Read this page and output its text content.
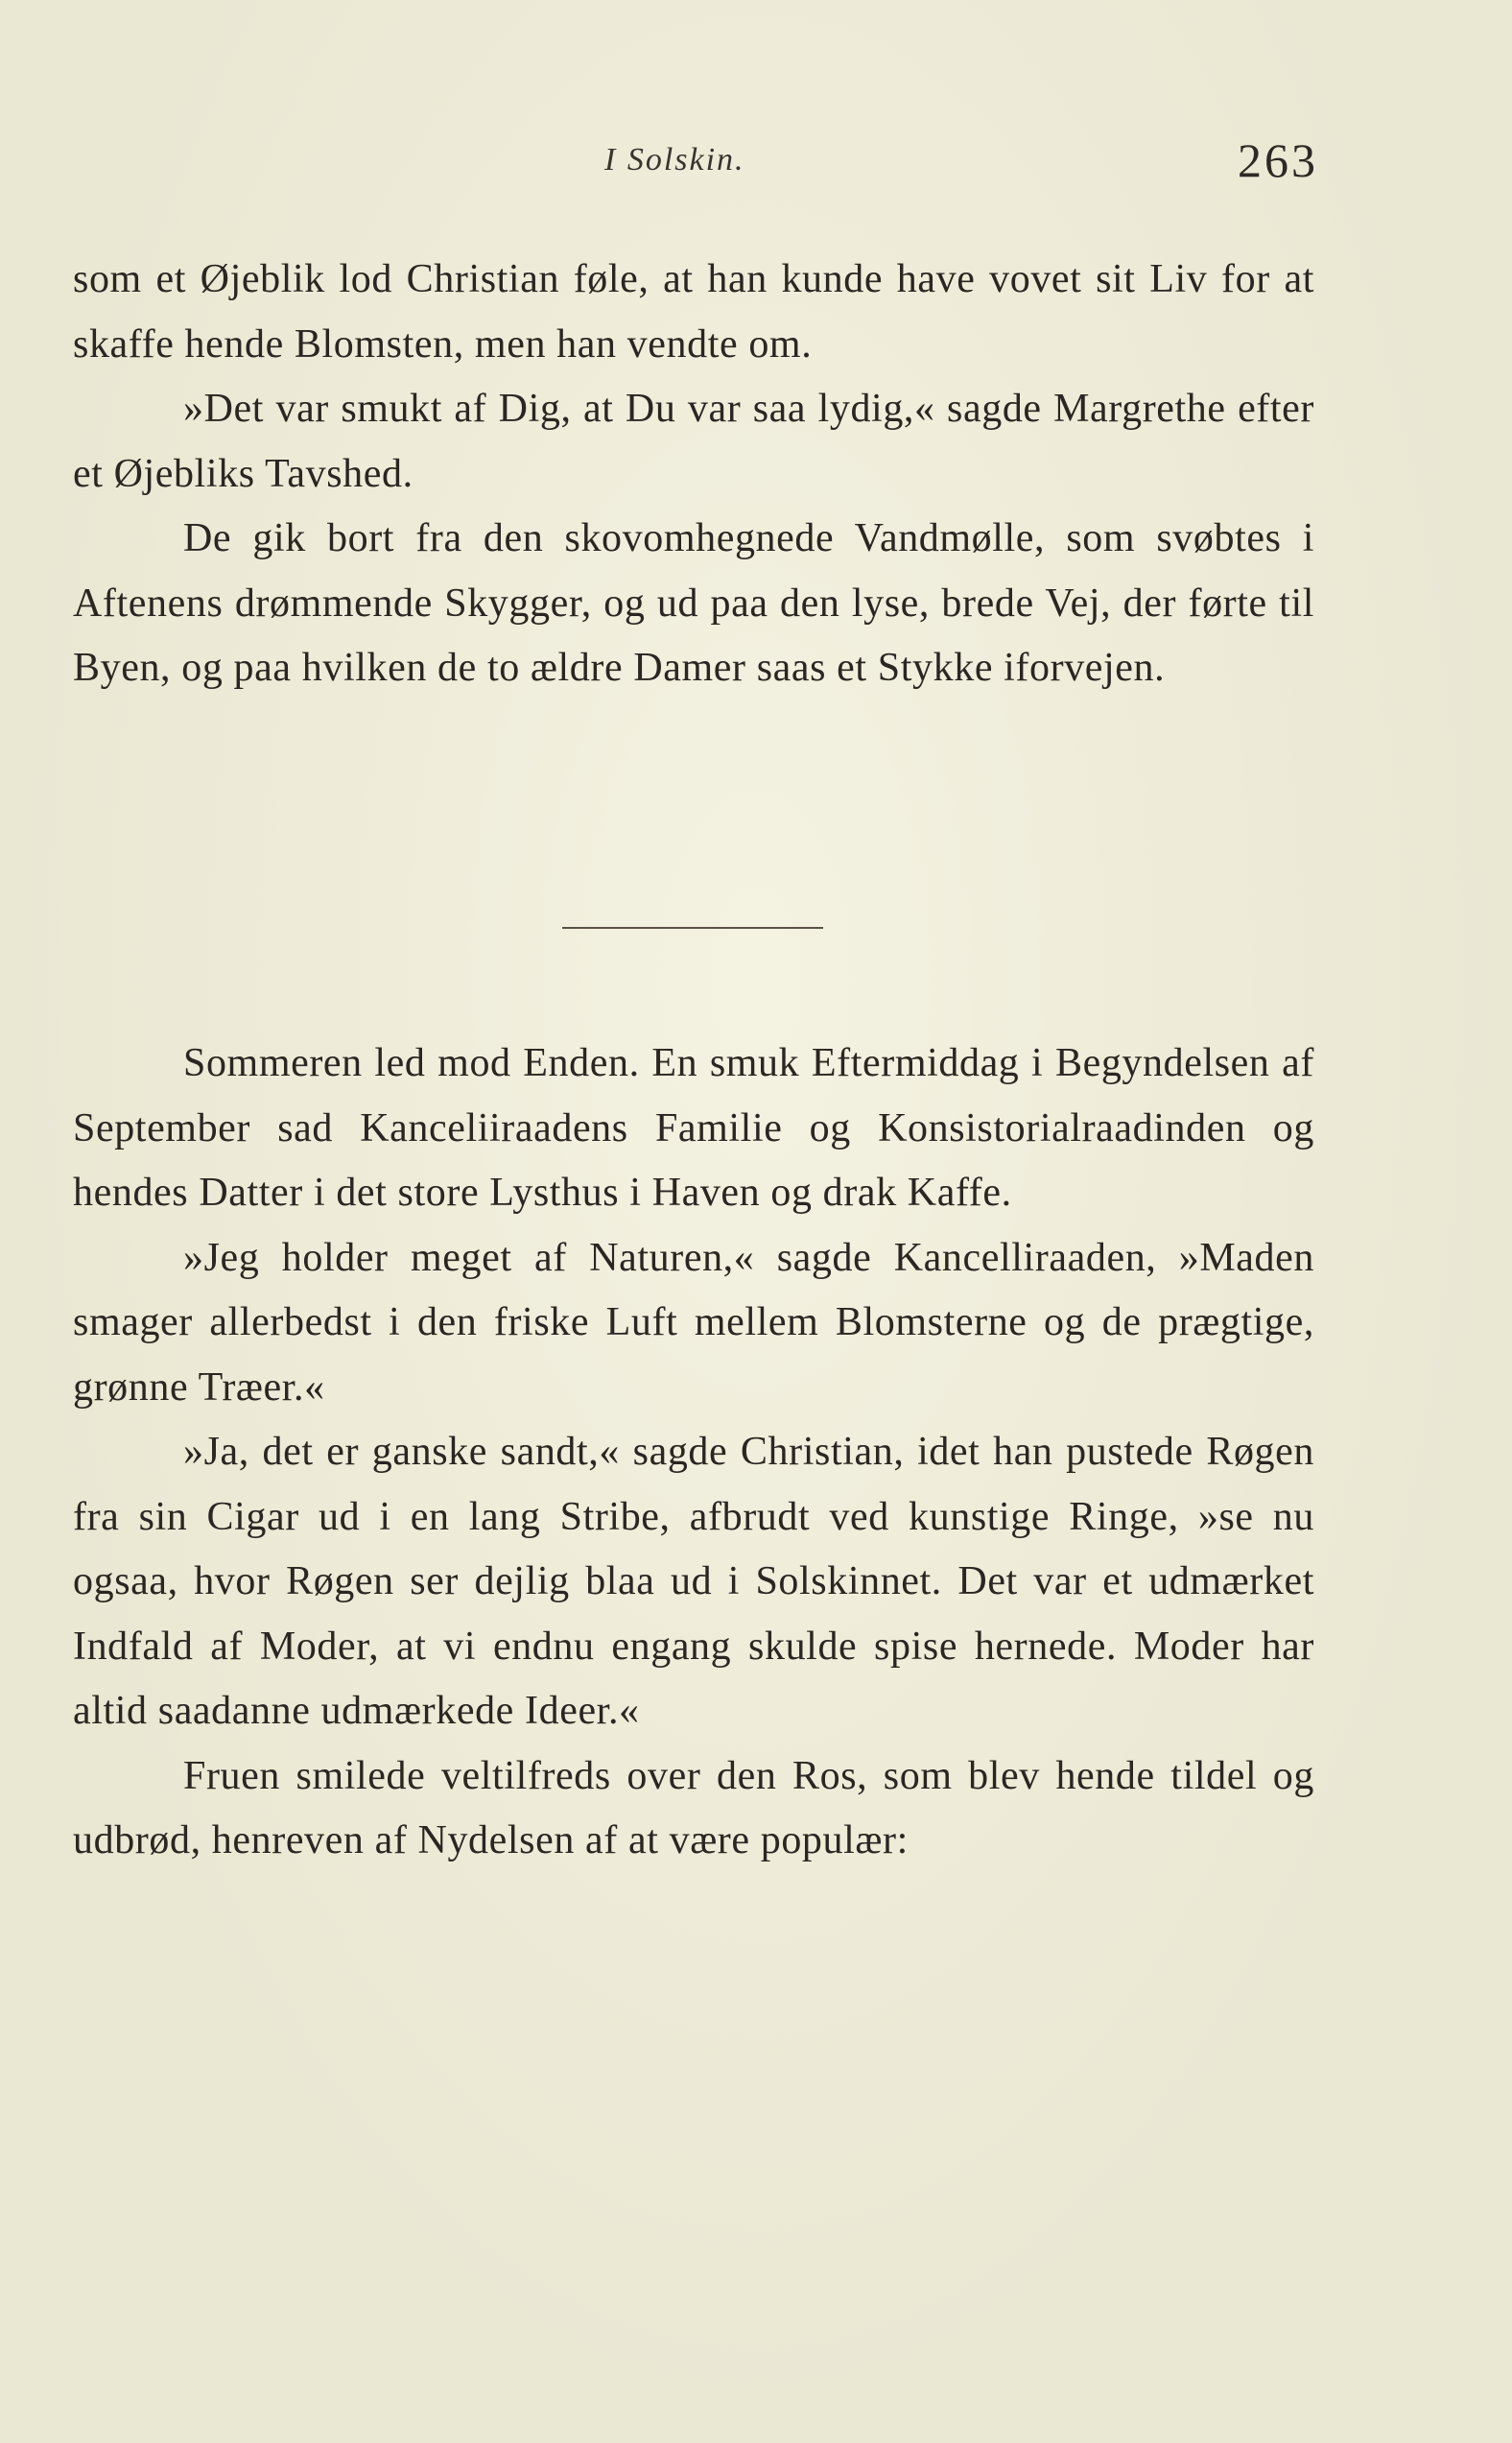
I Solskin.	263

som et Øjeblik lod Christian føle, at han kunde have vovet sit Liv for at skaffe hende Blomsten, men han vendte om.

»Det var smukt af Dig, at Du var saa lydig,« sagde Margrethe efter et Øjebliks Tavshed.

De gik bort fra den skovomhegnede Vandmølle, som svøbtes i Aftenens drømmende Skygger, og ud paa den lyse, brede Vej, der førte til Byen, og paa hvilken de to ældre Damer saas et Stykke iforvejen.

Sommeren led mod Enden. En smuk Eftermiddag i Begyndelsen af September sad Kanceliiraadens Familie og Konsistorialraadinden og hendes Datter i det store Lysthus i Haven og drak Kaffe.

»Jeg holder meget af Naturen,« sagde Kancelliraaden, »Maden smager allerbedst i den friske Luft mellem Blomsterne og de prægtige, grønne Træer.«

»Ja, det er ganske sandt,« sagde Christian, idet han pustede Røgen fra sin Cigar ud i en lang Stribe, afbrudt ved kunstige Ringe, »se nu ogsaa, hvor Røgen ser dejlig blaa ud i Solskinnet. Det var et udmærket Indfald af Moder, at vi endnu engang skulde spise hernede. Moder har altid saadanne udmærkede Ideer.«

Fruen smilede veltilfreds over den Ros, som blev hende tildel og udbrød, henreven af Nydelsen af at være populær:
